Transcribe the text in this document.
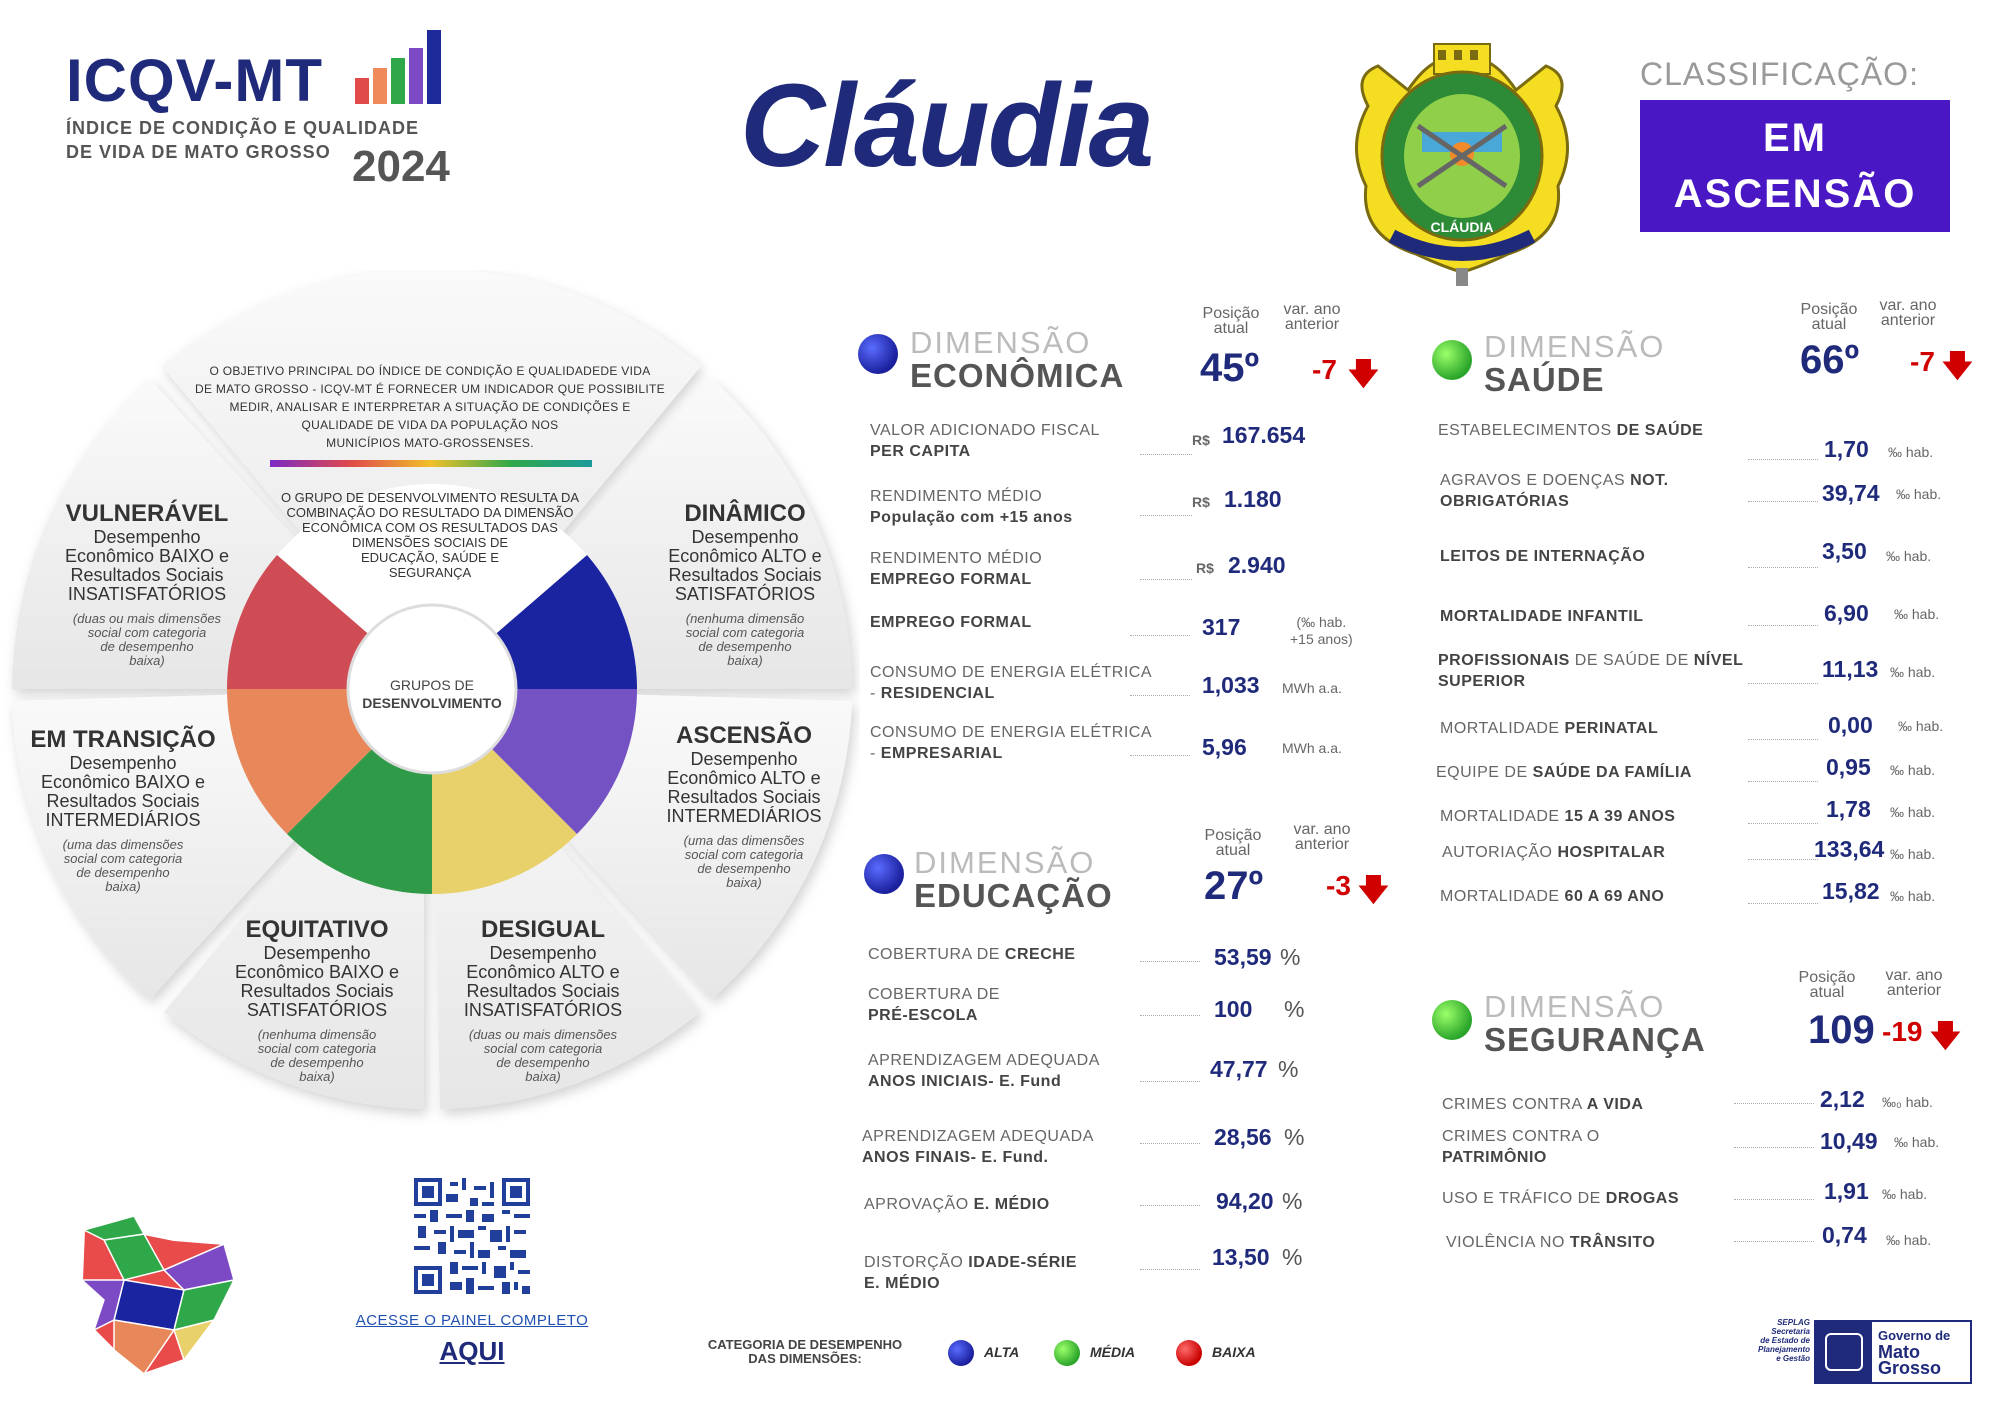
ICQV-MT
ÍNDICE DE CONDIÇÃO E QUALIDADE
DE VIDA DE MATO GROSSO 2024 Cláudia
CLÁUDIA
CLASSIFICAÇÃO:
EM
ASCENSÃO
O OBJETIVO PRINCIPAL DO ÍNDICE DE CONDIÇÃO E QUALIDADEDE VIDA
DE MATO GROSSO - ICQV-MT É FORNECER UM INDICADOR QUE POSSIBILITE
MEDIR, ANALISAR E INTERPRETAR A SITUAÇÃO DE CONDIÇÕES E
QUALIDADE DE VIDA DA POPULAÇÃO NOS
MUNICÍPIOS MATO-GROSSENSES.
O GRUPO DE DESENVOLVIMENTO RESULTA DA
COMBINAÇÃO DO RESULTADO DA DIMENSÃO
ECONÔMICA COM OS RESULTADOS DAS
DIMENSÕES SOCIAIS DE
EDUCAÇÃO, SAÚDE E
SEGURANÇA
GRUPOS DE
DESENVOLVIMENTO
VULNERÁVEL
Desempenho
Econômico BAIXO e
Resultados Sociais
INSATISFATÓRIOS
(duas ou mais dimensões
social com categoria
de desempenho
baixa)
DINÂMICO
Desempenho
Econômico ALTO e
Resultados Sociais
SATISFATÓRIOS
(nenhuma dimensão
social com categoria
de desempenho
baixa)
EM TRANSIÇÃO
Desempenho
Econômico BAIXO e
Resultados Sociais
INTERMEDIÁRIOS
(uma das dimensões
social com categoria
de desempenho
baixa)
ASCENSÃO
Desempenho
Econômico ALTO e
Resultados Sociais
INTERMEDIÁRIOS
(uma das dimensões
social com categoria
de desempenho
baixa)
EQUITATIVO
Desempenho
Econômico BAIXO e
Resultados Sociais
SATISFATÓRIOS
(nenhuma dimensão
social com categoria
de desempenho
baixa)
DESIGUAL
Desempenho
Econômico ALTO e
Resultados Sociais
INSATISFATÓRIOS
(duas ou mais dimensões
social com categoria
de desempenho
baixa)
DIMENSÃO
ECONÔMICA
Posição
atual
var. ano
anterior
45º -7 🡇
VALOR ADICIONADO FISCAL
PER CAPITA
R$ 167.654
RENDIMENTO MÉDIO
População com +15 anos
R$ 1.180
RENDIMENTO MÉDIO
EMPREGO FORMAL
R$ 2.940
EMPREGO FORMAL	317	(‰ hab.
+15 anos)
CONSUMO DE ENERGIA ELÉTRICA
- RESIDENCIAL	1,033 MWh a.a.
CONSUMO DE ENERGIA ELÉTRICA
- EMPRESARIAL	5,96	MWh a.a.
DIMENSÃO
EDUCAÇÃO
Posição
atual
var. ano
anterior
27º -3 🡇
COBERTURA DE CRECHE	53,59 %
COBERTURA DE
PRÉ-ESCOLA	100 %
APRENDIZAGEM ADEQUADA
ANOS INICIAIS- E. Fund	47,77 %
APRENDIZAGEM ADEQUADA
ANOS FINAIS- E. Fund.
28,56 %
APROVAÇÃO E. MÉDIO	94,20 %
DISTORÇÃO IDADE-SÉRIE
E. MÉDIO
13,50 %
DIMENSÃO
SAÚDE
Posição
atual
var. ano
anterior
66º -7 🡇
ESTABELECIMENTOS DE SAÚDE
1,70 ‰ hab.
AGRAVOS E DOENÇAS NOT.
OBRIGATÓRIAS	39,74 ‰ hab.
LEITOS DE INTERNAÇÃO	3,50 ‰ hab.
MORTALIDADE INFANTIL	6,90 ‰ hab.
PROFISSIONAIS DE SAÚDE DE NÍVEL
SUPERIOR	11,13 ‰ hab.
MORTALIDADE PERINATAL	0,00 ‰ hab.
EQUIPE DE SAÚDE DA FAMÍLIA	0,95 ‰ hab.
MORTALIDADE 15 A 39 ANOS	1,78 ‰ hab.
AUTORIAÇÃO HOSPITALAR	133,64 ‰ hab.
MORTALIDADE 60 A 69 ANO	15,82 ‰ hab.
DIMENSÃO
SEGURANÇA
Posição
atual
var. ano
anterior
109 -19 🡇
CRIMES CONTRA A VIDA	2,12 ‰₀ hab.
CRIMES CONTRA O
PATRIMÔNIO
10,49 ‰ hab.
USO E TRÁFICO DE DROGAS	1,91 ‰ hab.
VIOLÊNCIA NO TRÂNSITO	0,74 ‰ hab.
ACESSE O PAINEL COMPLETO
AQUI	CATEGORIA DE DESEMPENHO
DAS DIMENSÕES:	ALTA	MÉDIA	BAIXA
SEPLAG
Secretaria
de Estado de
Planejamento
e Gestão
Governo de
Mato
Grosso
